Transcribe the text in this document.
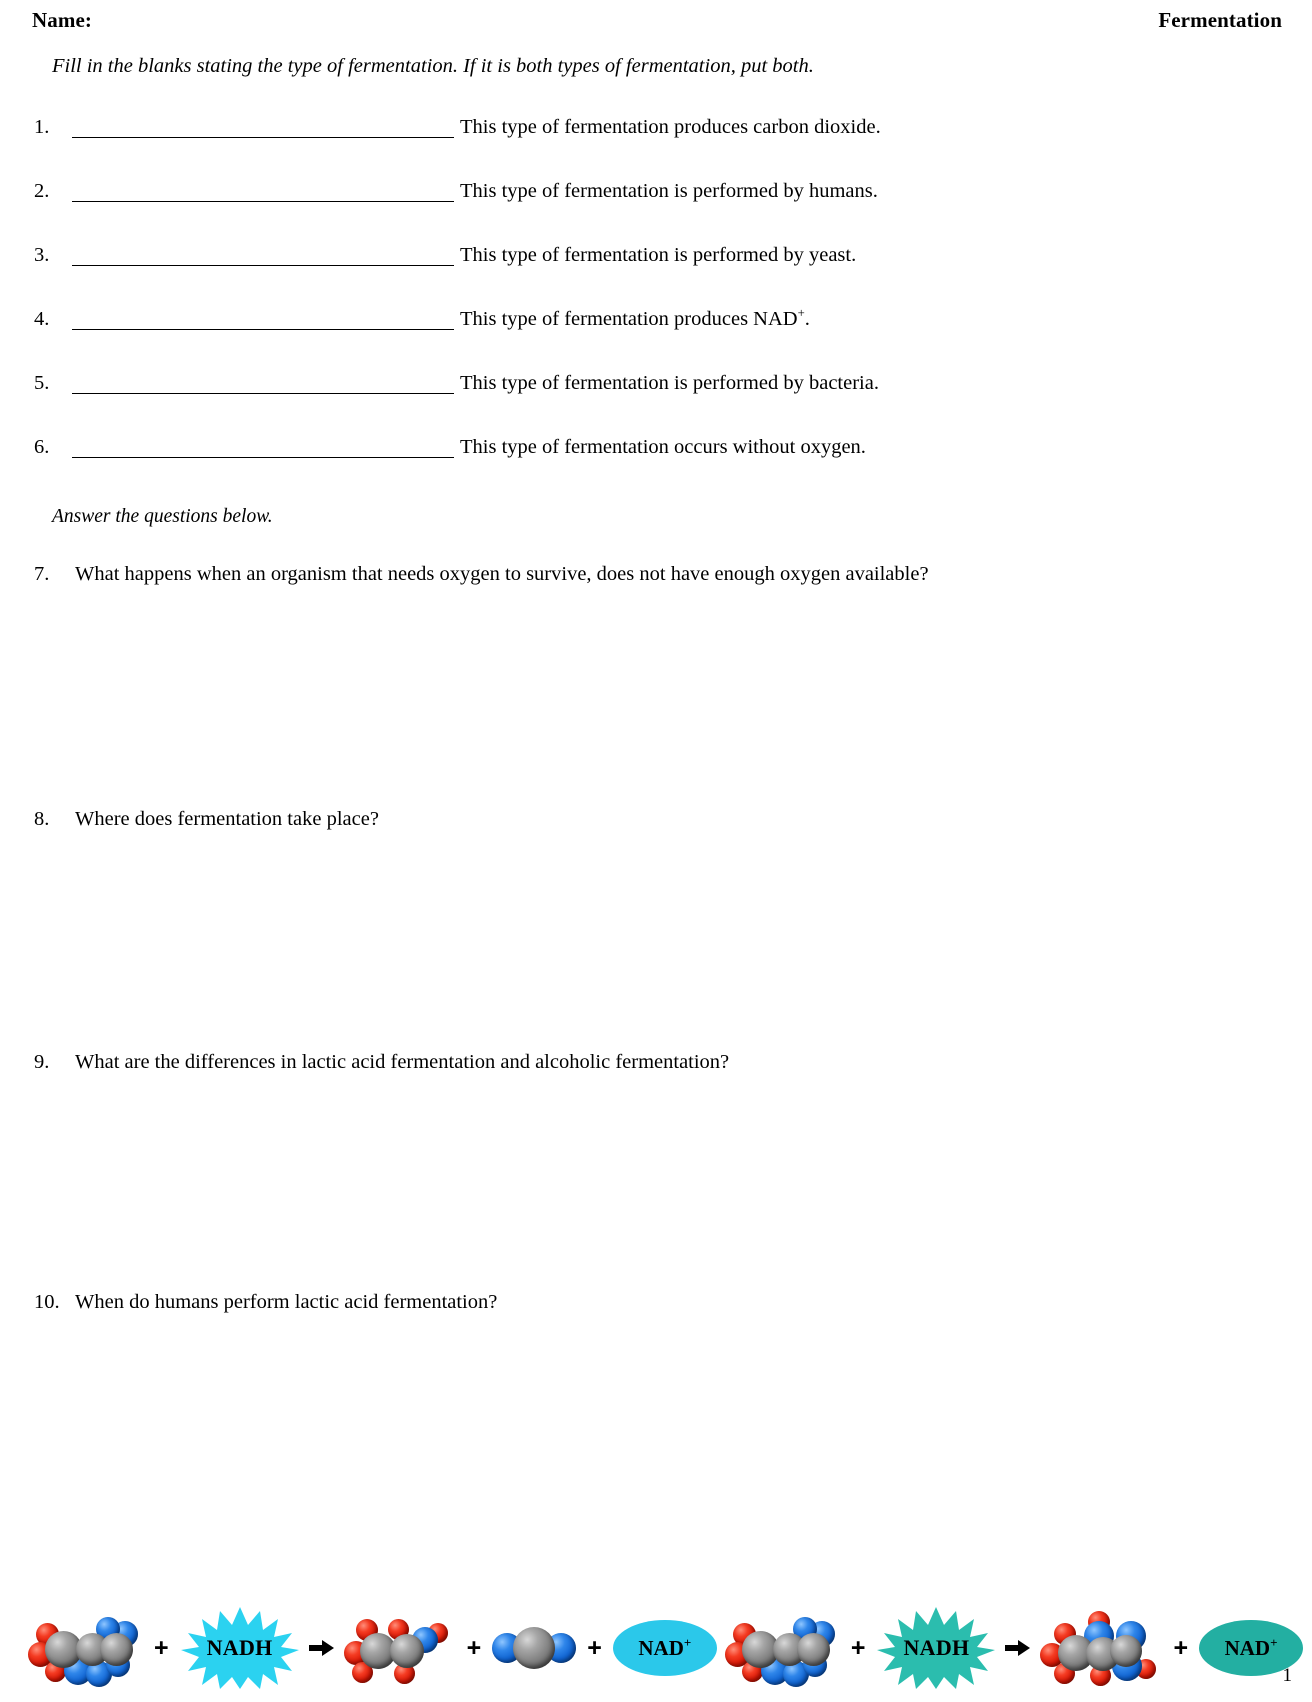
Name:	Fermentation
Fill in the blanks stating the type of fermentation. If it is both types of fermentation, put both.
1.	This type of fermentation produces carbon dioxide.
2.	This type of fermentation is performed by humans.
3.	This type of fermentation is performed by yeast.
4.	This type of fermentation produces NAD+.
5.	This type of fermentation is performed by bacteria.
6.	This type of fermentation occurs without oxygen.
Answer the questions below.
7. What happens when an organism that needs oxygen to survive, does not have enough oxygen available?
8. Where does fermentation take place?
9. What are the differences in lactic acid fermentation and alcoholic fermentation?
10. When do humans perform lactic acid fermentation?
+	NADH	+	+ NAD+	+	NADH	+ NAD+
1
